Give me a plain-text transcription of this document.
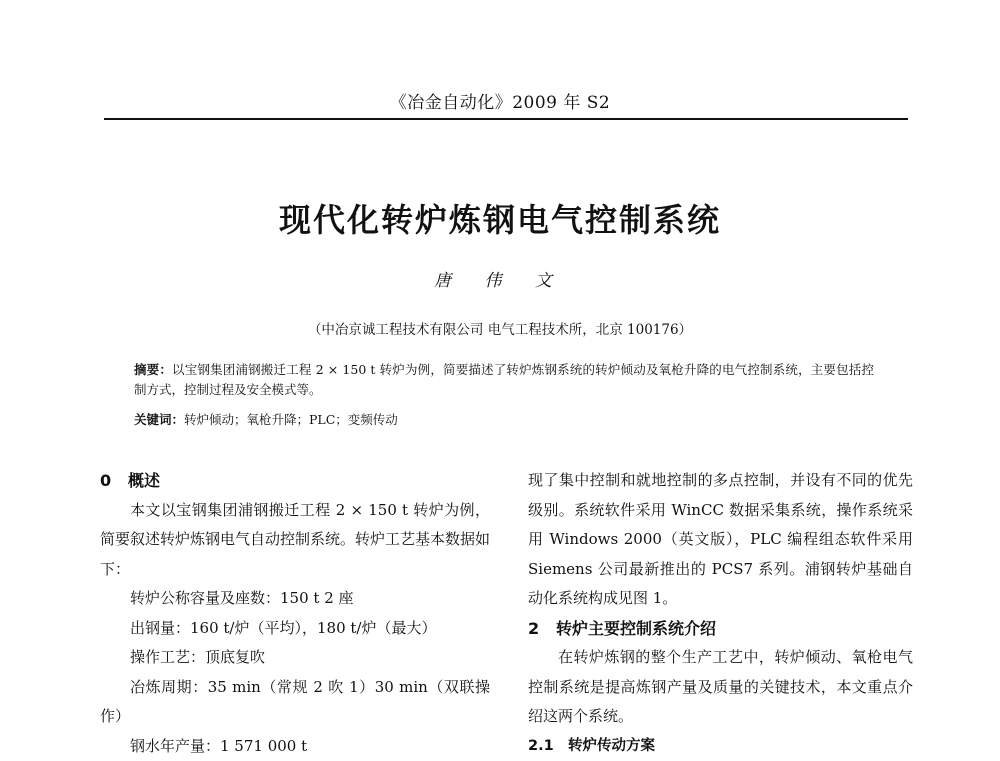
《冶金自动化》2009 年 S2
现代化转炉炼钢电气控制系统
唐 伟 文
（中冶京诚工程技术有限公司 电气工程技术所，北京 100176）
摘要：以宝钢集团浦钢搬迁工程 2 × 150 t 转炉为例，简要描述了转炉炼钢系统的转炉倾动及氧枪升降的电气控制系统，主要包括控制方式，控制过程及安全模式等。
关键词：转炉倾动；氧枪升降；PLC；变频传动
0 概述

本文以宝钢集团浦钢搬迁工程 2 × 150 t 转炉为例，简要叙述转炉炼钢电气自动控制系统。转炉工艺基本数据如下：

转炉公称容量及座数：150 t 2 座

出钢量：160 t/炉（平均），180 t/炉（最大）

操作工艺：顶底复吹

冶炼周期：35 min（常规 2 吹 1）30 min（双联操作）

钢水年产量：1 571 000 t

现了集中控制和就地控制的多点控制，并设有不同的优先级别。系统软件采用 WinCC 数据采集系统，操作系统采用 Windows 2000（英文版），PLC 编程组态软件采用 Siemens 公司最新推出的 PCS7 系列。浦钢转炉基础自动化系统构成见图 1。

2 转炉主要控制系统介绍

在转炉炼钢的整个生产工艺中，转炉倾动、氧枪电气控制系统是提高炼钢产量及质量的关键技术，本文重点介绍这两个系统。

2.1 转炉传动方案
